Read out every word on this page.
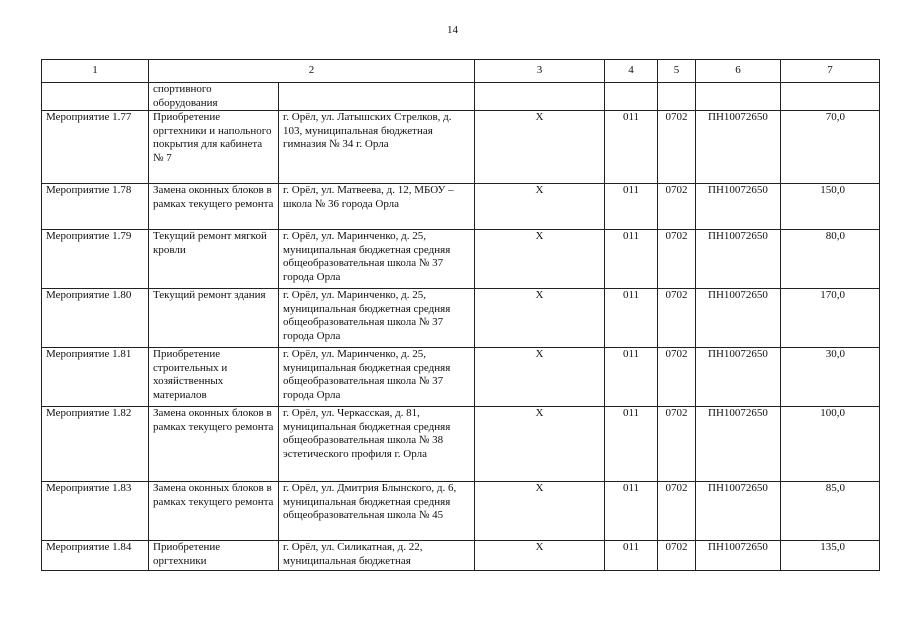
14
1	2		3	4	5	6	7
	спортивного оборудования						
Мероприятие 1.77	Приобретение оргтехники и напольного покрытия для кабинета № 7	г. Орёл, ул. Латышских Стрелков, д. 103, муниципальная бюджетная гимназия № 34 г. Орла	Х	011	0702	ПН10072650	70,0
Мероприятие 1.78	Замена оконных блоков в рамках текущего ремонта	г. Орёл, ул. Матвеева, д. 12, МБОУ – школа № 36 города Орла	Х	011	0702	ПН10072650	150,0
Мероприятие 1.79	Текущий ремонт мягкой кровли	г. Орёл, ул. Маринченко, д. 25, муниципальная бюджетная средняя общеобразовательная школа № 37 города Орла	Х	011	0702	ПН10072650	80,0
Мероприятие 1.80	Текущий ремонт здания	г. Орёл, ул. Маринченко, д. 25, муниципальная бюджетная средняя общеобразовательная школа № 37 города Орла	Х	011	0702	ПН10072650	170,0
Мероприятие 1.81	Приобретение строительных и хозяйственных материалов	г. Орёл, ул. Маринченко, д. 25, муниципальная бюджетная средняя общеобразовательная школа № 37 города Орла	Х	011	0702	ПН10072650	30,0
Мероприятие 1.82	Замена оконных блоков в рамках текущего ремонта	г. Орёл, ул. Черкасская, д. 81, муниципальная бюджетная средняя общеобразовательная школа № 38 эстетического профиля г. Орла	Х	011	0702	ПН10072650	100,0
Мероприятие 1.83	Замена оконных блоков в рамках текущего ремонта	г. Орёл, ул. Дмитрия Блынского, д. 6, муниципальная бюджетная средняя общеобразовательная школа № 45	Х	011	0702	ПН10072650	85,0
Мероприятие 1.84	Приобретение оргтехники	г. Орёл, ул. Силикатная, д. 22, муниципальная бюджетная	Х	011	0702	ПН10072650	135,0
